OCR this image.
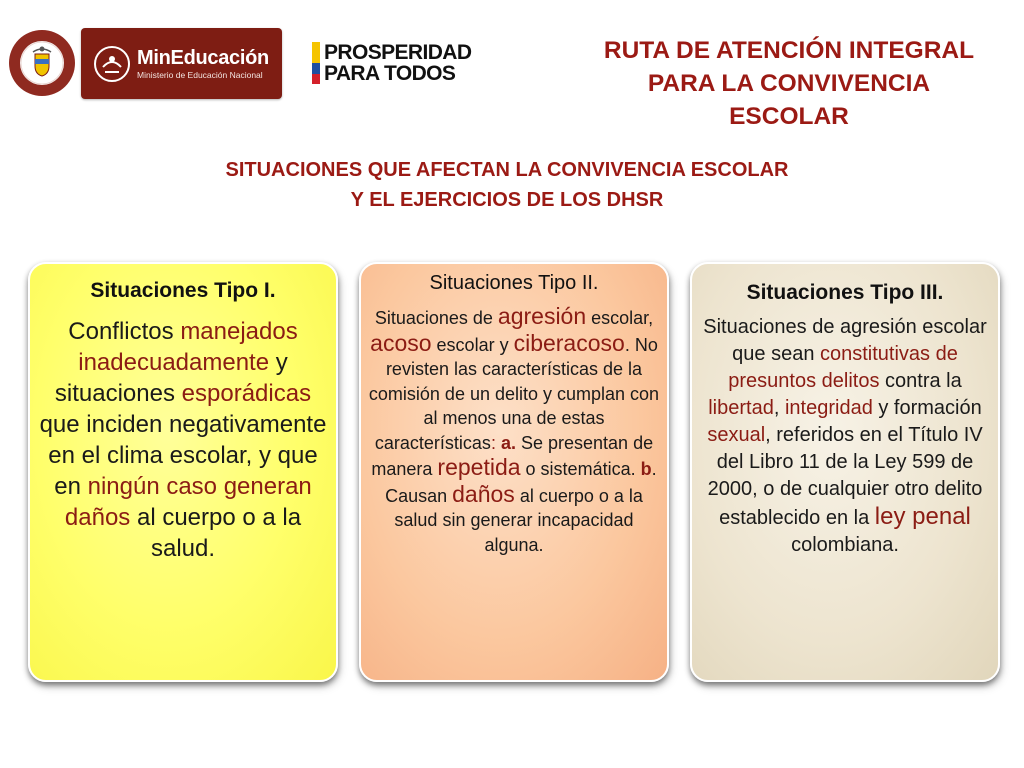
MinEducación
Ministerio de Educación Nacional
PROSPERIDAD
PARA TODOS
RUTA DE ATENCIÓN INTEGRAL
PARA LA CONVIVENCIA
ESCOLAR
SITUACIONES QUE AFECTAN LA CONVIVENCIA ESCOLAR
Y EL EJERCICIOS DE LOS DHSR
Situaciones Tipo I.
Conflictos manejados inadecuadamente y situaciones esporádicas que inciden negativamente en el clima escolar, y que en ningún caso generan daños al cuerpo o a la salud.
Situaciones Tipo II.
Situaciones de agresión escolar, acoso escolar y ciberacoso. No revisten las características de la comisión de un delito y cumplan con al menos una de estas características: a. Se presentan de manera repetida o sistemática. b. Causan daños al cuerpo o a la salud sin generar incapacidad alguna.
Situaciones Tipo III.
Situaciones de agresión escolar que sean constitutivas de presuntos delitos contra la libertad, integridad y formación sexual, referidos en el Título IV del Libro 11 de la Ley 599 de 2000, o de cualquier otro delito establecido en la ley penal colombiana.
